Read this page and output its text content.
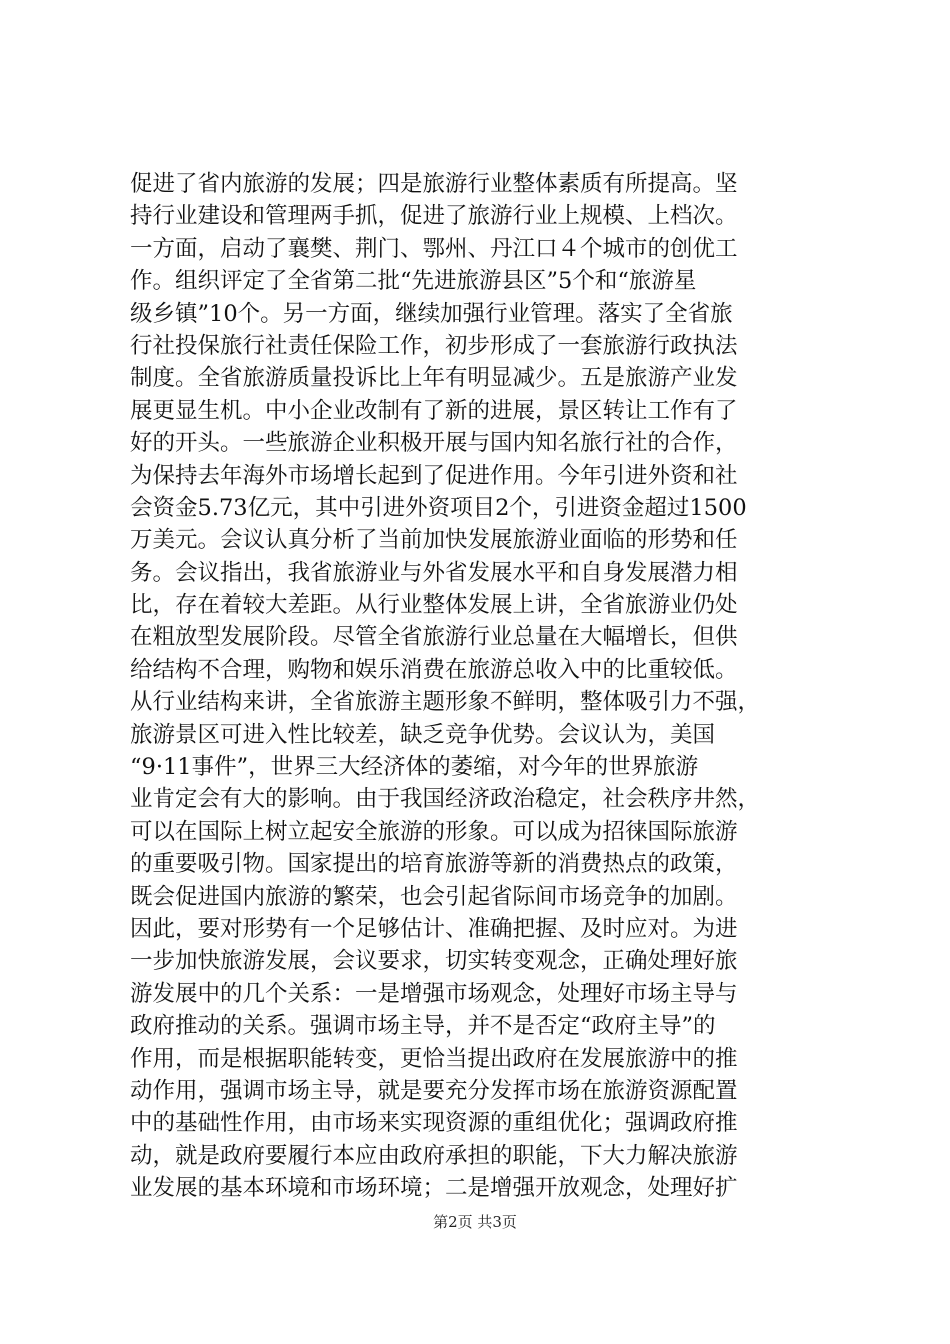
促进了省内旅游的发展；四是旅游行业整体素质有所提高。坚
持行业建设和管理两手抓，促进了旅游行业上规模、上档次。
一方面，启动了襄樊、荆门、鄂州、丹江口４个城市的创优工
作。组织评定了全省第二批“先进旅游县区”5个和“旅游星
级乡镇”10个。另一方面，继续加强行业管理。落实了全省旅
行社投保旅行社责任保险工作，初步形成了一套旅游行政执法
制度。全省旅游质量投诉比上年有明显减少。五是旅游产业发
展更显生机。中小企业改制有了新的进展，景区转让工作有了
好的开头。一些旅游企业积极开展与国内知名旅行社的合作，
为保持去年海外市场增长起到了促进作用。今年引进外资和社
会资金5.73亿元，其中引进外资项目2个，引进资金超过1500
万美元。会议认真分析了当前加快发展旅游业面临的形势和任
务。会议指出，我省旅游业与外省发展水平和自身发展潜力相
比，存在着较大差距。从行业整体发展上讲，全省旅游业仍处
在粗放型发展阶段。尽管全省旅游行业总量在大幅增长，但供
给结构不合理，购物和娱乐消费在旅游总收入中的比重较低。
从行业结构来讲，全省旅游主题形象不鲜明，整体吸引力不强，
旅游景区可进入性比较差，缺乏竞争优势。会议认为，美国
“9·11事件”，世界三大经济体的萎缩，对今年的世界旅游
业肯定会有大的影响。由于我国经济政治稳定，社会秩序井然，
可以在国际上树立起安全旅游的形象。可以成为招徕国际旅游
的重要吸引物。国家提出的培育旅游等新的消费热点的政策，
既会促进国内旅游的繁荣，也会引起省际间市场竞争的加剧。
因此，要对形势有一个足够估计、准确把握、及时应对。为进
一步加快旅游发展，会议要求，切实转变观念，正确处理好旅
游发展中的几个关系：一是增强市场观念，处理好市场主导与
政府推动的关系。强调市场主导，并不是否定“政府主导”的
作用，而是根据职能转变，更恰当提出政府在发展旅游中的推
动作用，强调市场主导，就是要充分发挥市场在旅游资源配置
中的基础性作用，由市场来实现资源的重组优化；强调政府推
动，就是政府要履行本应由政府承担的职能，下大力解决旅游
业发展的基本环境和市场环境；二是增强开放观念，处理好扩
第2页 共3页
